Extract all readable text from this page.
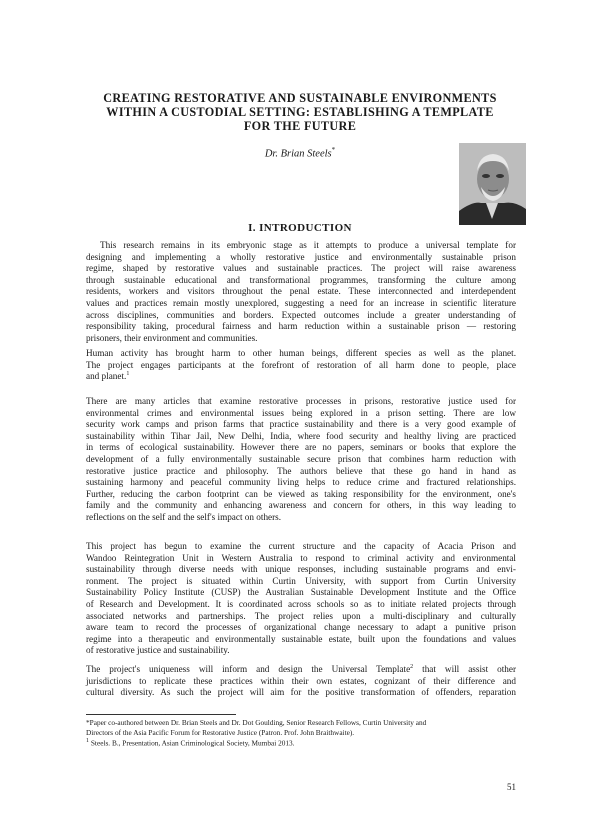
CREATING RESTORATIVE AND SUSTAINABLE ENVIRONMENTS
WITHIN A CUSTODIAL SETTING: ESTABLISHING A TEMPLATE
FOR THE FUTURE
Dr. Brian Steels*
I. INTRODUCTION
This research remains in its embryonic stage as it attempts to produce a universal template for
designing and implementing a wholly restorative justice and environmentally sustainable prison
regime, shaped by restorative values and sustainable practices. The project will raise awareness
through sustainable educational and transformational programmes, transforming the culture among
residents, workers and visitors throughout the penal estate. These interconnected and interdependent
values and practices remain mostly unexplored, suggesting a need for an increase in scientific literature
across disciplines, communities and borders. Expected outcomes include a greater understanding of
responsibility taking, procedural fairness and harm reduction within a sustainable prison — restoring
prisoners, their environment and communities.
Human activity has brought harm to other human beings, different species as well as the planet.
The project engages participants at the forefront of restoration of all harm done to people, place
and planet.$^1$
There are many articles that examine restorative processes in prisons, restorative justice used for
environmental crimes and environmental issues being explored in a prison setting. There are low
security work camps and prison farms that practice sustainability and there is a very good example of
sustainability within Tihar Jail, New Delhi, India, where food security and healthy living are practiced
in terms of ecological sustainability. However there are no papers, seminars or books that explore the
development of a fully environmentally sustainable secure prison that combines harm reduction with
restorative justice practice and philosophy. The authors believe that these go hand in hand as
sustaining harmony and peaceful community living helps to reduce crime and fractured relationships.
Further, reducing the carbon footprint can be viewed as taking responsibility for the environment, one's
family and the community and enhancing awareness and concern for others, in this way leading to
reflections on the self and the self's impact on others.
This project has begun to examine the current structure and the capacity of Acacia Prison and
Wandoo Reintegration Unit in Western Australia to respond to criminal activity and environmental
sustainability through diverse needs with unique responses, including sustainable programs and envi-
ronment. The project is situated within Curtin University, with support from Curtin University
Sustainability Policy Institute (CUSP) the Australian Sustainable Development Institute and the Office
of Research and Development. It is coordinated across schools so as to initiate related projects through
associated networks and partnerships. The project relies upon a multi-disciplinary and culturally
aware team to record the processes of organizational change necessary to adapt a punitive prison
regime into a therapeutic and environmentally sustainable estate, built upon the foundations and values
of restorative justice and sustainability.
The project's uniqueness will inform and design the Universal Template$^2$ that will assist other
jurisdictions to replicate these practices within their own estates, cognizant of their difference and
cultural diversity. As such the project will aim for the positive transformation of offenders, reparation
*Paper co-authored between Dr. Brian Steels and Dr. Dot Goulding, Senior Research Fellows, Curtin University and
Directors of the Asia Pacific Forum for Restorative Justice (Patron. Prof. John Braithwaite).
$^1$ Steels. B., Presentation, Asian Criminological Society, Mumbai 2013.
51
